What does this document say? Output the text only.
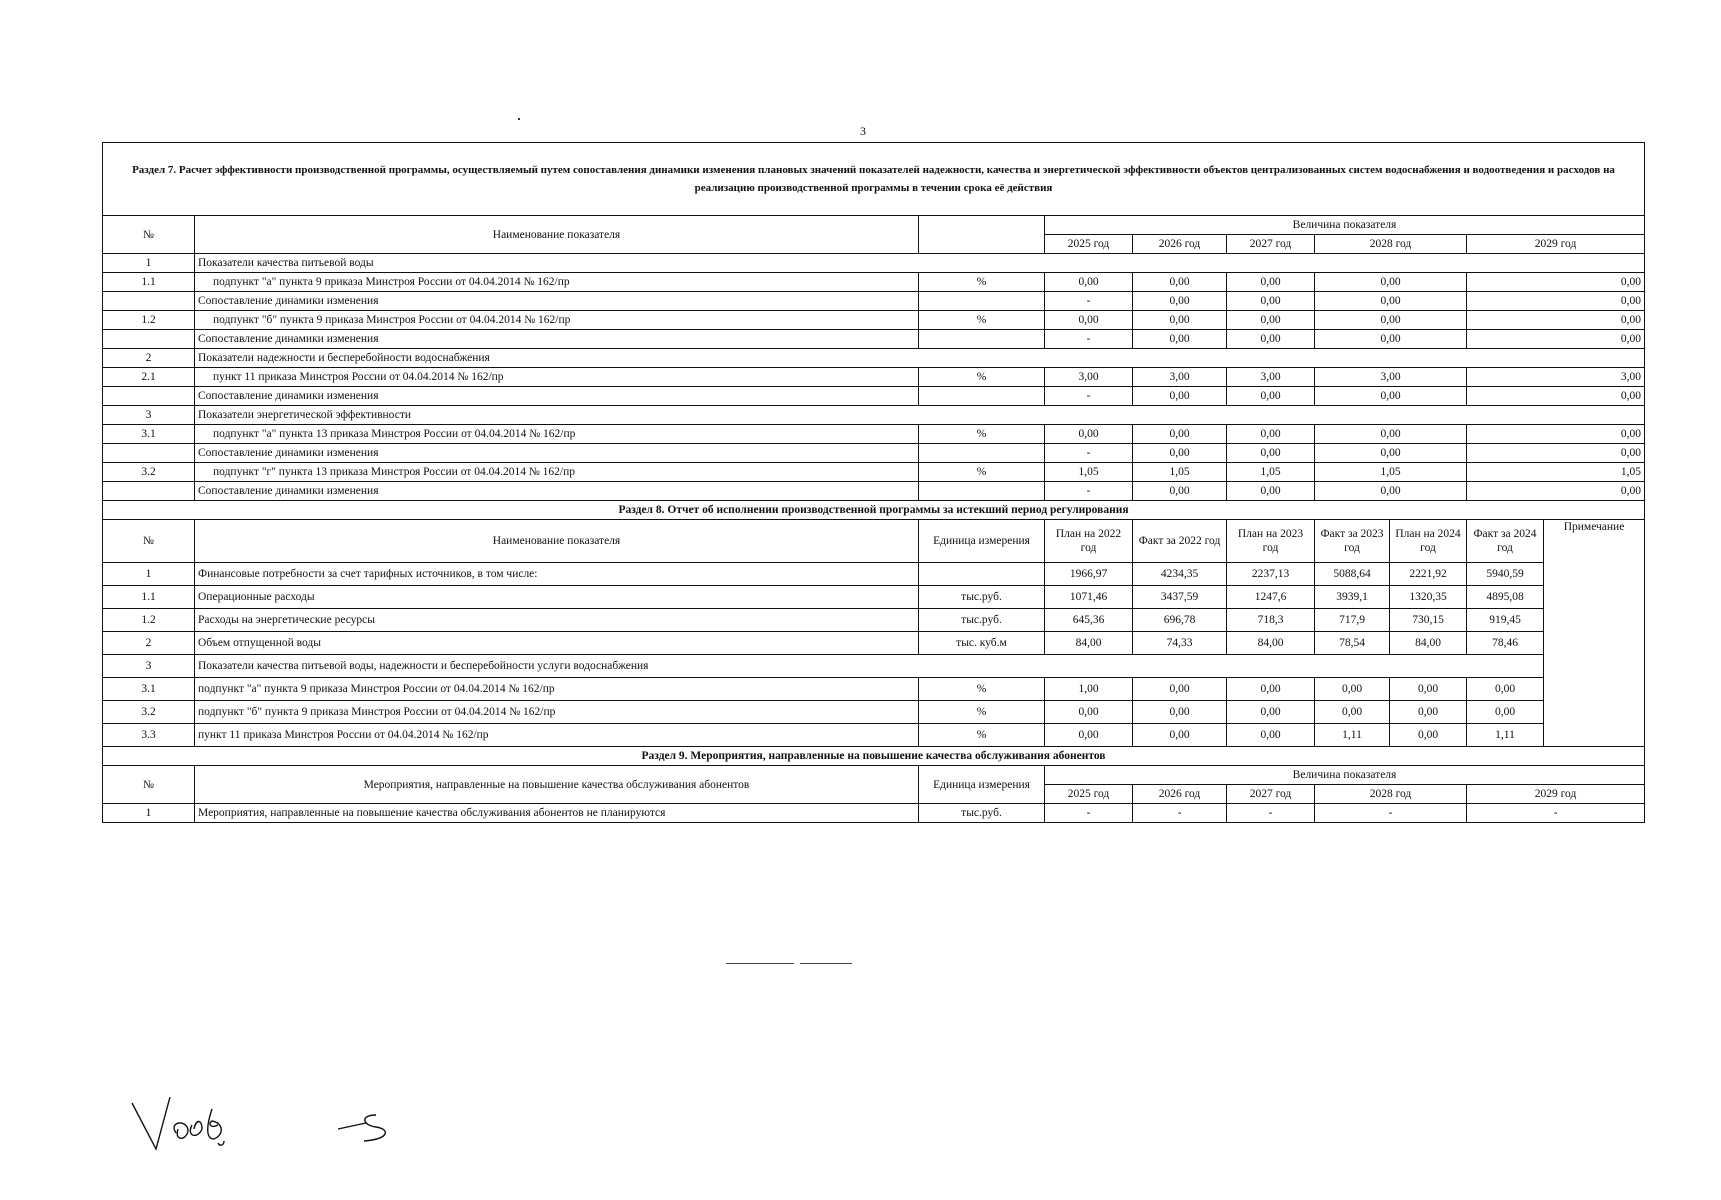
3
Раздел 7. Расчет эффективности производственной программы, осуществляемый путем сопоставления динамики изменения плановых значений показателей надежности, качества и энергетической эффективности объектов централизованных систем водоснабжения и водоотведения и расходов на реализацию производственной программы в течении срока её действия									
№	Наименование показателя		Величина показателя						
			2025 год	2026 год	2027 год	2028 год		2029 год	
1	Показатели качества питьевой воды								
1.1	подпункт "а" пункта 9 приказа Минстроя России от 04.04.2014 № 162/пр	%	0,00	0,00	0,00	0,00		0,00	
	Сопоставление динамики изменения		-	0,00	0,00	0,00		0,00	
1.2	подпункт "б" пункта 9 приказа Минстроя России от 04.04.2014 № 162/пр	%	0,00	0,00	0,00	0,00		0,00	
	Сопоставление динамики изменения		-	0,00	0,00	0,00		0,00	
2	Показатели надежности и бесперебойности водоснабжения								
2.1	пункт 11 приказа Минстроя России от 04.04.2014 № 162/пр	%	3,00	3,00	3,00	3,00		3,00	
	Сопоставление динамики изменения		-	0,00	0,00	0,00		0,00	
3	Показатели энергетической эффективности								
3.1	подпункт "а" пункта 13 приказа Минстроя России от 04.04.2014 № 162/пр	%	0,00	0,00	0,00	0,00		0,00	
	Сопоставление динамики изменения		-	0,00	0,00	0,00		0,00	
3.2	подпункт "г" пункта 13 приказа Минстроя России от 04.04.2014 № 162/пр	%	1,05	1,05	1,05	1,05		1,05	
	Сопоставление динамики изменения		-	0,00	0,00	0,00		0,00	
Раздел 8. Отчет об исполнении производственной программы за истекший период регулирования									
№	Наименование показателя	Единица измерения	План на 2022 год	Факт за 2022 год	План на 2023 год	Факт за 2023 год	План на 2024 год	Факт за 2024 год	Примечание
1	Финансовые потребности за счет тарифных источников, в том числе:		1966,97	4234,35	2237,13	5088,64	2221,92	5940,59	
1.1	Операционные расходы	тыс.руб.	1071,46	3437,59	1247,6	3939,1	1320,35	4895,08	
1.2	Расходы на энергетические ресурсы	тыс.руб.	645,36	696,78	718,3	717,9	730,15	919,45	
2	Объем отпущенной воды	тыс. куб.м	84,00	74,33	84,00	78,54	84,00	78,46	
3	Показатели качества питьевой воды, надежности и бесперебойности услуги водоснабжения								
3.1	подпункт "а" пункта 9 приказа Минстроя России от 04.04.2014 № 162/пр	%	1,00	0,00	0,00	0,00	0,00	0,00	
3.2	подпункт "б" пункта 9 приказа Минстроя России от 04.04.2014 № 162/пр	%	0,00	0,00	0,00	0,00	0,00	0,00	
3.3	пункт 11 приказа Минстроя России от 04.04.2014 № 162/пр	%	0,00	0,00	0,00	1,11	0,00	1,11	
Раздел 9. Мероприятия, направленные на повышение качества обслуживания абонентов									
№	Мероприятия, направленные на повышение качества обслуживания абонентов	Единица измерения	Величина показателя						
			2025 год	2026 год	2027 год	2028 год		2029 год	
1	Мероприятия, направленные на повышение качества обслуживания абонентов не планируются	тыс.руб.	-	-	-	-		-	
